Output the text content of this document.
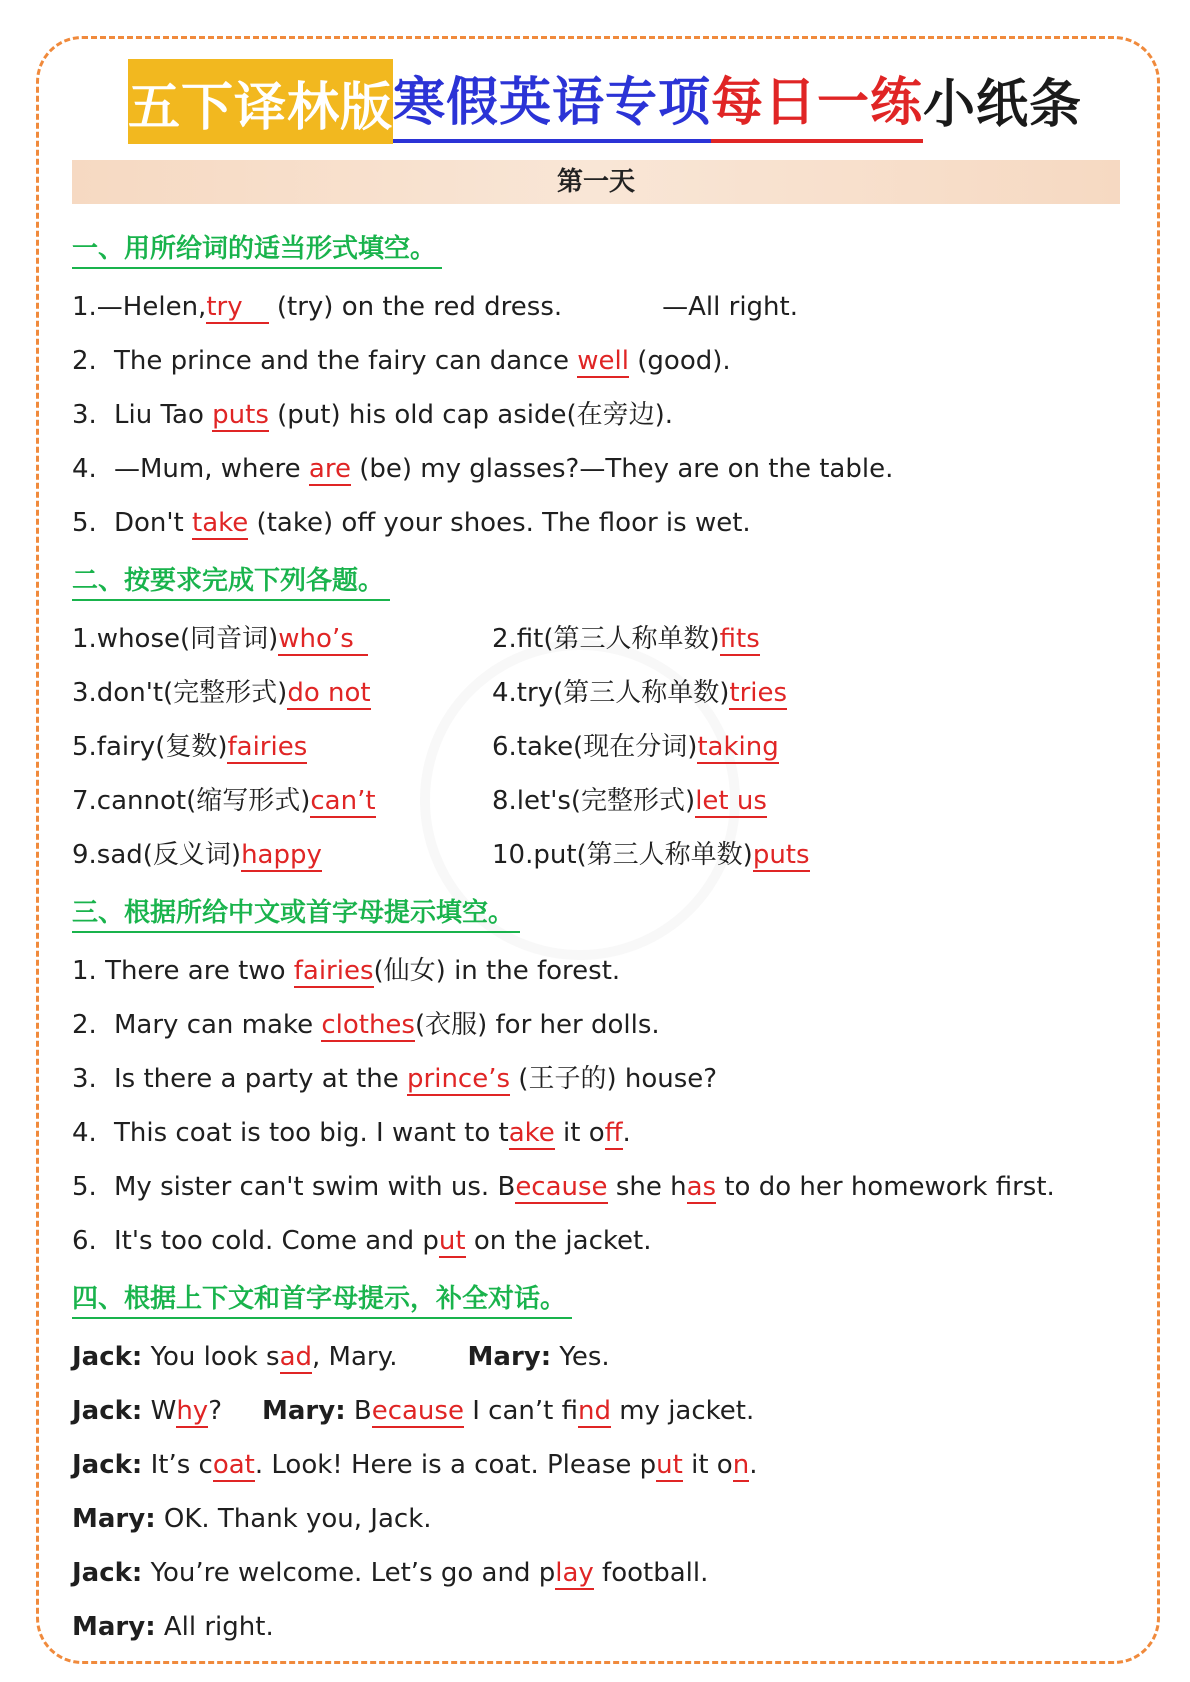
五下译林版 寒假英语专项 每日一练 小纸条
第一天
一、用所给词的适当形式填空。
1.—Helen,try (try) on the red dress.	—All right.
2. The prince and the fairy can dance well (good).
3. Liu Tao puts (put) his old cap aside(在旁边).
4. —Mum, where are (be) my glasses?—They are on the table.
5. Don't take (take) off your shoes. The floor is wet.
二、按要求完成下列各题。
1.whose(同音词)who’s	2.fit(第三人称单数)fits
3.don't(完整形式)do not	4.try(第三人称单数)tries
5.fairy(复数)fairies	6.take(现在分词)taking
7.cannot(缩写形式)can’t	8.let's(完整形式)let us
9.sad(反义词)happy	10.put(第三人称单数)puts
三、根据所给中文或首字母提示填空。
1. There are two fairies(仙女) in the forest.
2. Mary can make clothes(衣服) for her dolls.
3. Is there a party at the prince’s (王子的) house?
4. This coat is too big. I want to take it off.
5. My sister can't swim with us. Because she has to do her homework first.
6. It's too cold. Come and put on the jacket.
四、根据上下文和首字母提示，补全对话。
Jack: You look sad, Mary.	Mary: Yes.
Jack: Why? Mary: Because I can’t find my jacket.
Jack: It’s coat. Look! Here is a coat. Please put it on.
Mary: OK. Thank you, Jack.
Jack: You’re welcome. Let’s go and play football.
Mary: All right.
